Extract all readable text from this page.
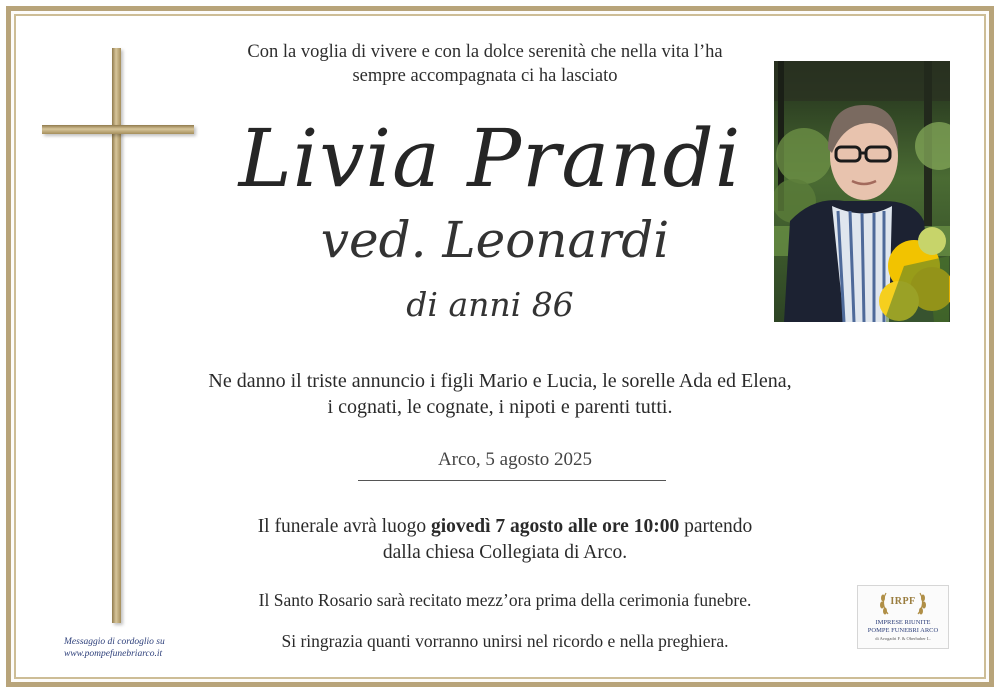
Con la voglia di vivere e con la dolce serenità che nella vita l’ha
sempre accompagnata ci ha lasciato
Livia Prandi
ved. Leonardi
di anni 86
Ne danno il triste annuncio i figli Mario e Lucia, le sorelle Ada ed Elena,
i cognati, le cognate, i nipoti e parenti tutti.
Arco, 5 agosto 2025
Il funerale avrà luogo giovedì 7 agosto alle ore 10:00 partendo
dalla chiesa Collegiata di Arco.
Il Santo Rosario sarà recitato mezz’ora prima della cerimonia funebre.
Si ringrazia quanti vorranno unirsi nel ricordo e nella preghiera.
Messaggio di cordoglio su
www.pompefunebriarco.it
IRPF
IMPRESE RIUNITE
POMPE FUNEBRI ARCO
di Avogadri F. & Oberhuber L.
